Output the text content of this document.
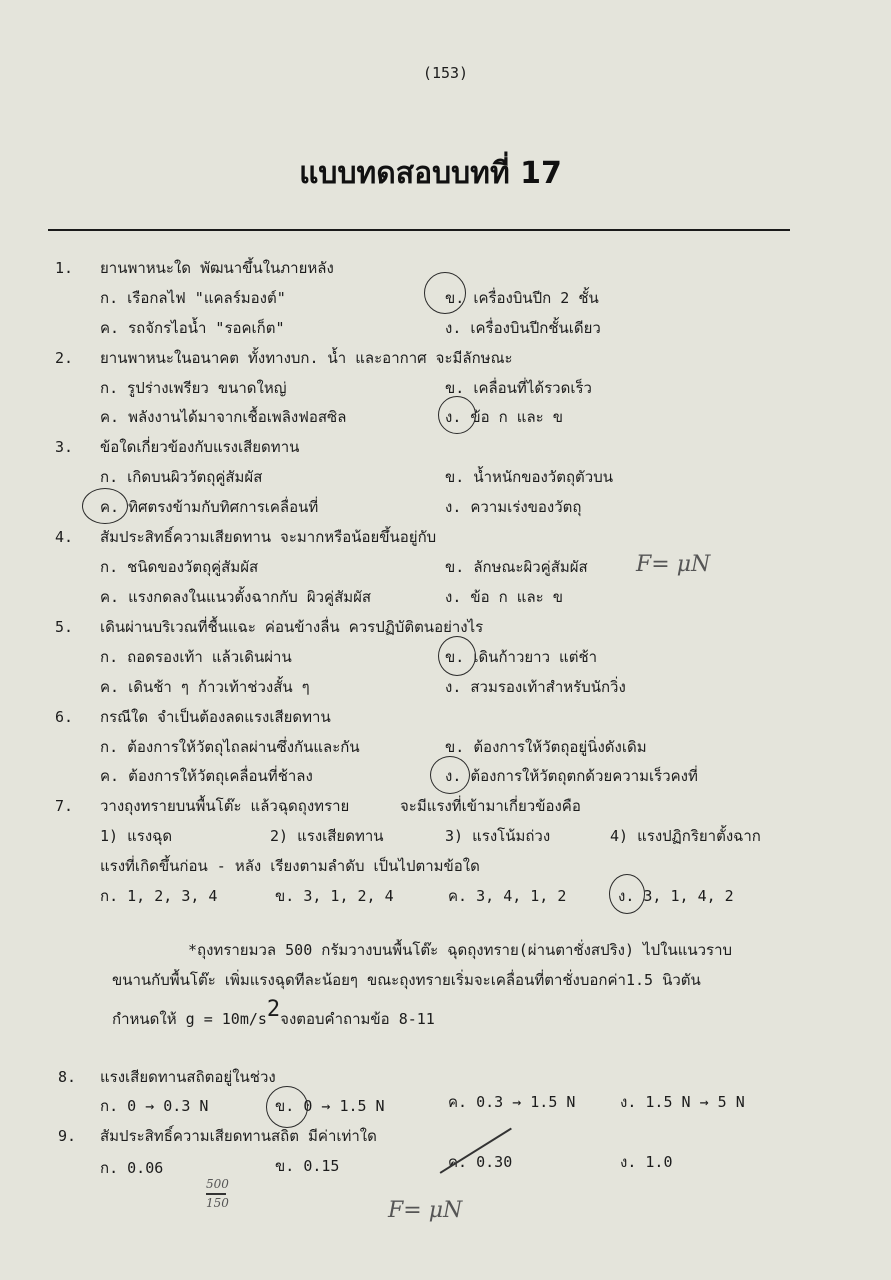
(153)
แบบทดสอบบทที่ 17
1. ยานพาหนะใด พัฒนาขึ้นในภายหลัง
ก. เรือกลไฟ "แคลร์มองต์"	ข. เครื่องบินปีก 2 ชั้น
ค. รถจักรไอน้ำ "รอคเก็ต"	ง. เครื่องบินปีกชั้นเดียว
2. ยานพาหนะในอนาคต ทั้งทางบก. น้ำ และอากาศ จะมีลักษณะ
ก. รูปร่างเพรียว ขนาดใหญ่	ข. เคลื่อนที่ได้รวดเร็ว
ค. พลังงานได้มาจากเชื้อเพลิงฟอสซิล	ง. ข้อ ก และ ข
3. ข้อใดเกี่ยวข้องกับแรงเสียดทาน
ก. เกิดบนผิววัตถุคู่สัมผัส	ข. น้ำหนักของวัตถุตัวบน
ค. ทิศตรงข้ามกับทิศการเคลื่อนที่	ง. ความเร่งของวัตถุ
4. สัมประสิทธิ์ความเสียดทาน จะมากหรือน้อยขึ้นอยู่กับ
ก. ชนิดของวัตถุคู่สัมผัส	ข. ลักษณะผิวคู่สัมผัส
ค. แรงกดลงในแนวตั้งฉากกับ ผิวคู่สัมผัส	ง. ข้อ ก และ ข
5. เดินผ่านบริเวณที่ชื้นแฉะ ค่อนข้างลื่น ควรปฏิบัติตนอย่างไร
ก. ถอดรองเท้า แล้วเดินผ่าน	ข. เดินก้าวยาว แต่ช้า
ค. เดินช้า ๆ ก้าวเท้าช่วงสั้น ๆ	ง. สวมรองเท้าสำหรับนักวิ่ง
6. กรณีใด จำเป็นต้องลดแรงเสียดทาน
ก. ต้องการให้วัตถุไถลผ่านซึ่งกันและกัน	ข. ต้องการให้วัตถุอยู่นิ่งดังเดิม
ค. ต้องการให้วัตถุเคลื่อนที่ช้าลง	ง. ต้องการให้วัตถุตกด้วยความเร็วคงที่
7. วางถุงทรายบนพื้นโต๊ะ แล้วฉุดถุงทราย	จะมีแรงที่เข้ามาเกี่ยวข้องคือ
1) แรงฉุด	2) แรงเสียดทาน	3) แรงโน้มถ่วง	4) แรงปฏิกริยาตั้งฉาก
แรงที่เกิดขึ้นก่อน - หลัง เรียงตามลำดับ เป็นไปตามข้อใด
ก. 1, 2, 3, 4	ข. 3, 1, 2, 4	ค. 3, 4, 1, 2	ง. 3, 1, 4, 2
*ถุงทรายมวล 500 กรัมวางบนพื้นโต๊ะ ฉุดถุงทราย(ผ่านตาชั่งสปริง) ไปในแนวราบ
ขนานกับพื้นโต๊ะ เพิ่มแรงฉุดทีละน้อยๆ ขณะถุงทรายเริ่มจะเคลื่อนที่ตาชั่งบอกค่า1.5 นิวตัน
กำหนดให้ $g = 10m/s^2$จงตอบคำถามข้อ 8-11
8. แรงเสียดทานสถิตอยู่ในช่วง
ก. 0 → 0.3 N	ข. 0 → 1.5 N	ค. 0.3 → 1.5 N	ง. 1.5 N → 5 N
9. สัมประสิทธิ์ความเสียดทานสถิต มีค่าเท่าใด
ก. 0.06	ข. 0.15	ค. 0.30	ง. 1.0
F= μN
500
150	F= μN
